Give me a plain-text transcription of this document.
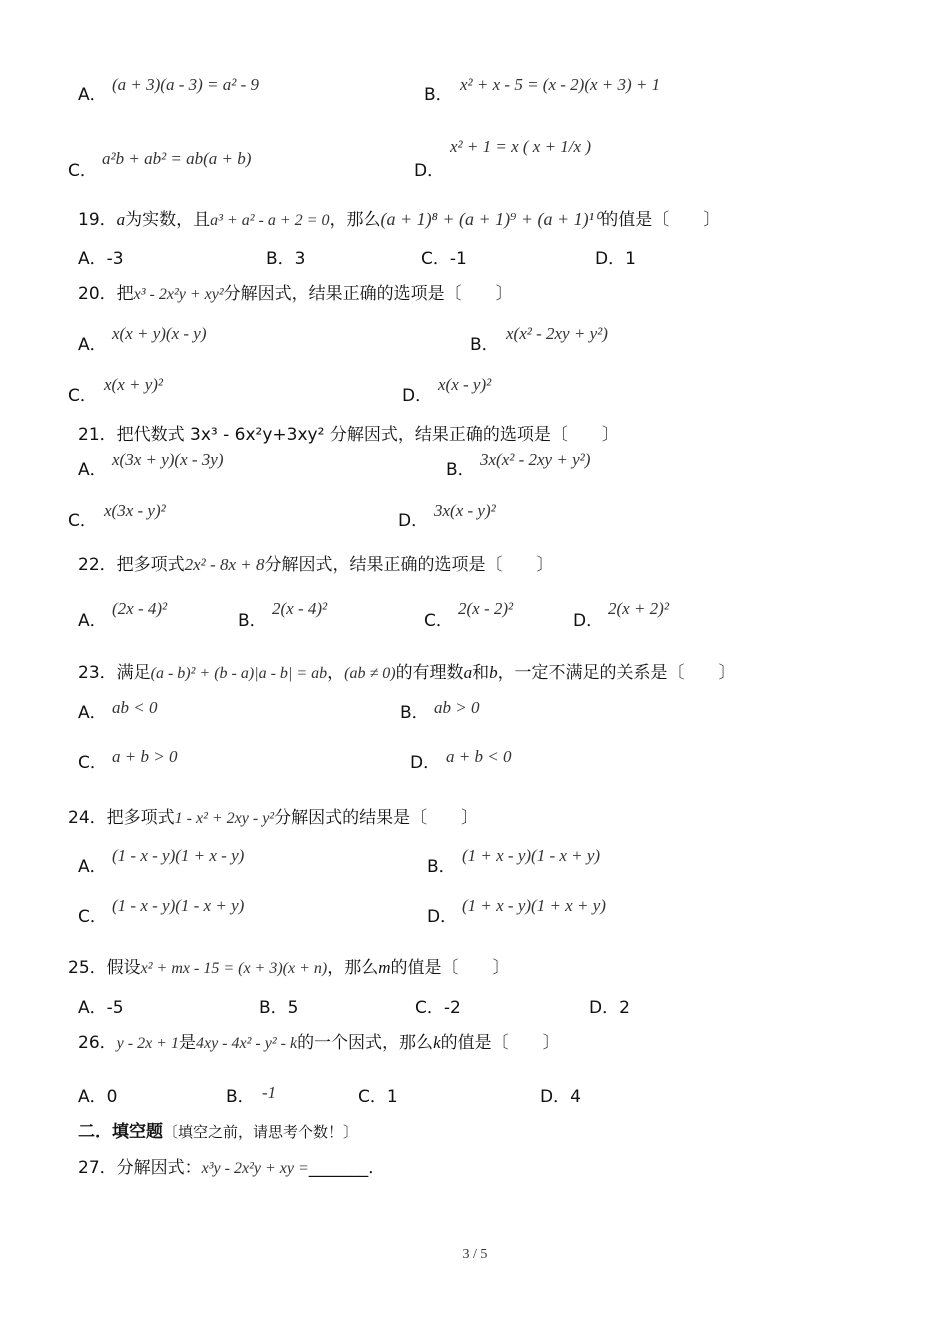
A．
(a + 3)(a - 3) = a² - 9
B．
x² + x - 5 = (x - 2)(x + 3) + 1
C．
a²b + ab² = ab(a + b)
D．
x² + 1 = x ( x + 1/x )
19．a为实数，且a³ + a² - a + 2 = 0，那么(a + 1)⁸ + (a + 1)⁹ + (a + 1)¹⁰的值是〔　　〕
A．-3	B．3	C．-1	D．1
20．把x³ - 2x²y + xy²分解因式，结果正确的选项是〔　　〕
A．
x(x + y)(x - y)
B．
x(x² - 2xy + y²)
C．
x(x + y)²
D．
x(x - y)²
21．把代数式 3x³ - 6x²y+3xy² 分解因式，结果正确的选项是〔　　〕
A．
x(3x + y)(x - 3y)
B．
3x(x² - 2xy + y²)
C．
x(3x - y)²
D．
3x(x - y)²
22．把多项式2x² - 8x + 8分解因式，结果正确的选项是〔　　〕
A．
(2x - 4)²
B．
2(x - 4)²
C．
2(x - 2)²
D．
2(x + 2)²
23．满足(a - b)² + (b - a)|a - b| = ab，(ab ≠ 0)的有理数a和b，一定不满足的关系是〔　　〕
A． ab < 0	B． ab > 0
C． a + b > 0	D． a + b < 0
24．把多项式1 - x² + 2xy - y²分解因式的结果是〔　　〕
A．
(1 - x - y)(1 + x - y)
B．
(1 + x - y)(1 - x + y)
C．
(1 - x - y)(1 - x + y)
D．
(1 + x - y)(1 + x + y)
25．假设x² + mx - 15 = (x + 3)(x + n)，那么m的值是〔　　〕
A．-5	B．5	C．-2	D．2
26．y - 2x + 1是4xy - 4x² - y² - k的一个因式，那么k的值是〔　　〕
A．0	B． -1	C．1	D．4
二．填空题〔填空之前，请思考个数！〕
27．分解因式：x³y - 2x²y + xy =_______．
3 / 5
